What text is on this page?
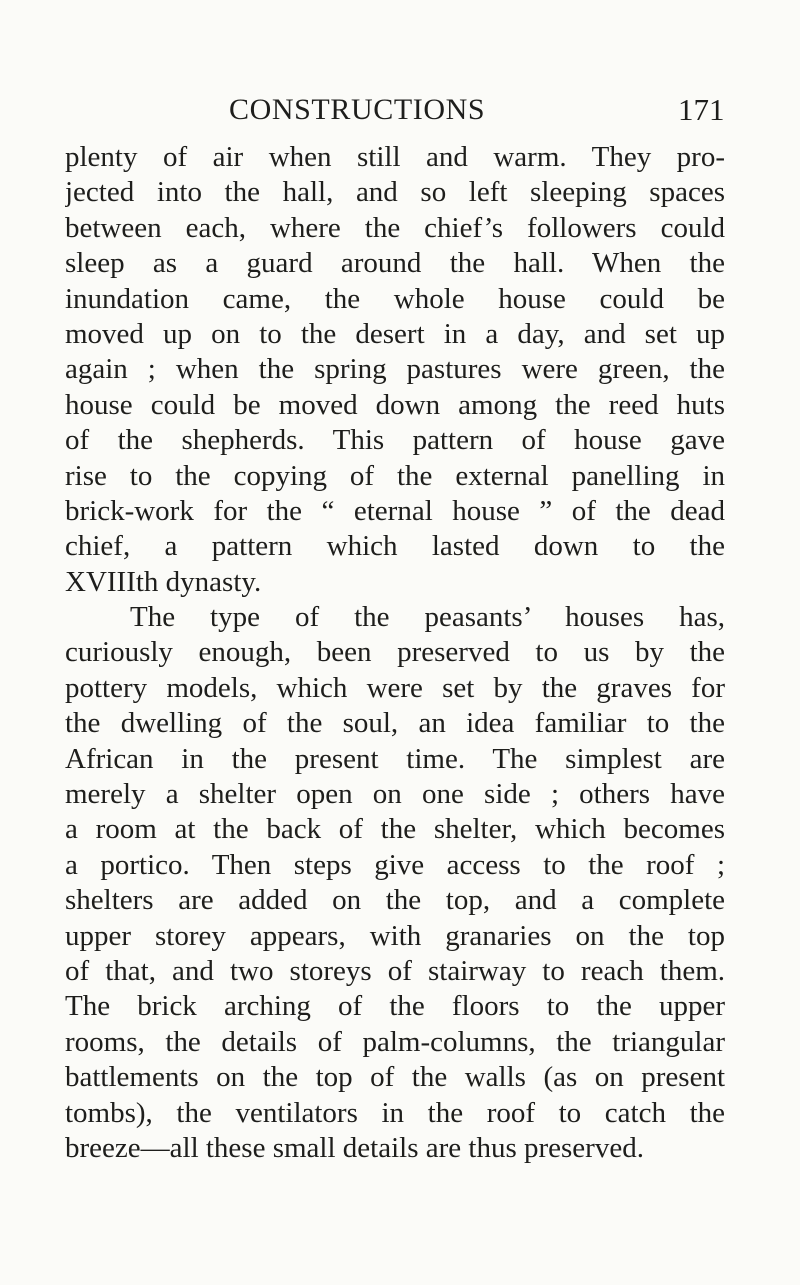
CONSTRUCTIONS	171
plenty of air when still and warm. They pro-
jected into the hall, and so left sleeping spaces
between each, where the chief’s followers could
sleep as a guard around the hall. When the
inundation came, the whole house could be
moved up on to the desert in a day, and set up
again ; when the spring pastures were green, the
house could be moved down among the reed huts
of the shepherds. This pattern of house gave
rise to the copying of the external panelling in
brick-work for the “ eternal house ” of the dead
chief, a pattern which lasted down to the
XVIIIth dynasty.
The type of the peasants’ houses has,
curiously enough, been preserved to us by the
pottery models, which were set by the graves for
the dwelling of the soul, an idea familiar to the
African in the present time. The simplest are
merely a shelter open on one side ; others have
a room at the back of the shelter, which becomes
a portico. Then steps give access to the roof ;
shelters are added on the top, and a complete
upper storey appears, with granaries on the top
of that, and two storeys of stairway to reach them.
The brick arching of the floors to the upper
rooms, the details of palm-columns, the triangular
battlements on the top of the walls (as on present
tombs), the ventilators in the roof to catch the
breeze—all these small details are thus preserved.
